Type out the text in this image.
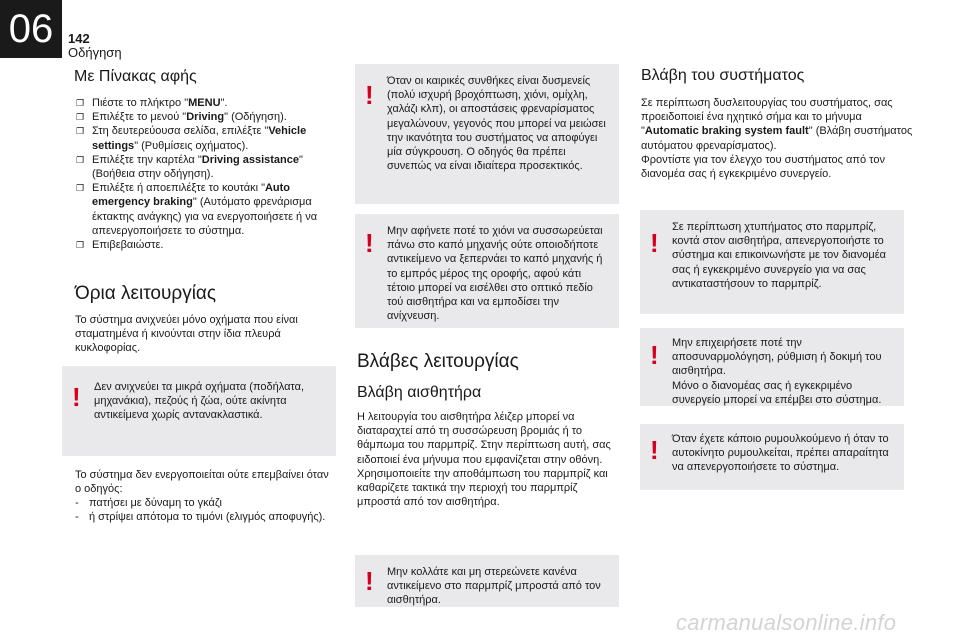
06	142
Οδήγηση
Με Πίνακας αφής
❐ Πιέστε το πλήκτρο "MENU".
❐ Επιλέξτε το μενού "Driving" (Οδήγηση).
❐ Στη δευτερεύουσα σελίδα, επιλέξτε "Vehicle settings" (Ρυθμίσεις οχήματος).
❐ Επιλέξτε την καρτέλα "Driving assistance" (Βοήθεια στην οδήγηση).
❐ Επιλέξτε ή αποεπιλέξτε το κουτάκι "Auto emergency braking" (Αυτόματο φρενάρισμα έκτακτης ανάγκης) για να ενεργοποιήσετε ή να απενεργοποιήσετε το σύστημα.
❐ Επιβεβαιώστε.
Όρια λειτουργίας

Το σύστημα ανιχνεύει μόνο οχήματα που είναι σταματημένα ή κινούνται στην ίδια πλευρά κυκλοφορίας.

! Δεν ανιχνεύει τα μικρά οχήματα (ποδήλατα, μηχανάκια), πεζούς ή ζώα, ούτε ακίνητα αντικείμενα χωρίς αντανακλαστικά.

Το σύστημα δεν ενεργοποιείται ούτε επεμβαίνει όταν ο οδηγός:

- πατήσει με δύναμη το γκάζι
- ή στρίψει απότομα το τιμόνι (ελιγμός αποφυγής).
! Όταν οι καιρικές συνθήκες είναι δυσμενείς (πολύ ισχυρή βροχόπτωση, χιόνι, ομίχλη, χαλάζι κλπ), οι αποστάσεις φρεναρίσματος μεγαλώνουν, γεγονός που μπορεί να μειώσει την ικανότητα του συστήματος να αποφύγει μία σύγκρουση. Ο οδηγός θα πρέπει συνεπώς να είναι ιδιαίτερα προσεκτικός.
! Μην αφήνετε ποτέ το χιόνι να συσσωρεύεται πάνω στο καπό μηχανής ούτε οποιοδήποτε αντικείμενο να ξεπερνάει το καπό μηχανής ή το εμπρός μέρος της οροφής, αφού κάτι τέτοιο μπορεί να εισέλθει στο οπτικό πεδίο τού αισθητήρα και να εμποδίσει την ανίχνευση.
Βλάβες λειτουργίας
Βλάβη αισθητήρα

Η λειτουργία του αισθητήρα λέιζερ μπορεί να διαταραχτεί από τη συσσώρευση βρομιάς ή το θάμπωμα του παρμπρίζ. Στην περίπτωση αυτή, σας ειδοποιεί ένα μήνυμα που εμφανίζεται στην οθόνη. Χρησιμοποιείτε την αποθάμπωση του παρμπρίζ και καθαρίζετε τακτικά την περιοχή του παρμπρίζ μπροστά από τον αισθητήρα.

! Μην κολλάτε και μη στερεώνετε κανένα αντικείμενο στο παρμπρίζ μπροστά από τον αισθητήρα.
Βλάβη του συστήματος

Σε περίπτωση δυσλειτουργίας του συστήματος, σας προειδοποιεί ένα ηχητικό σήμα και το μήνυμα "Automatic braking system fault" (Βλάβη συστήματος αυτόματου φρεναρίσματος).

Φροντίστε για τον έλεγχο του συστήματος από τον διανομέα σας ή εγκεκριμένο συνεργείο.

!
Σε περίπτωση χτυπήματος στο παρμπρίζ, κοντά στον αισθητήρα, απενεργοποιήστε το σύστημα και επικοινωνήστε με τον διανομέα σας ή εγκεκριμένο συνεργείο για να σας αντικαταστήσουν το παρμπρίζ.
! Μην επιχειρήσετε ποτέ την αποσυναρμολόγηση, ρύθμιση ή δοκιμή του αισθητήρα.
Μόνο ο διανομέας σας ή εγκεκριμένο συνεργείο μπορεί να επέμβει στο σύστημα.
! Όταν έχετε κάποιο ρυμουλκούμενο ή όταν το αυτοκίνητο ρυμουλκείται, πρέπει απαραίτητα να απενεργοποιήσετε το σύστημα.
carmanualsonline.info
